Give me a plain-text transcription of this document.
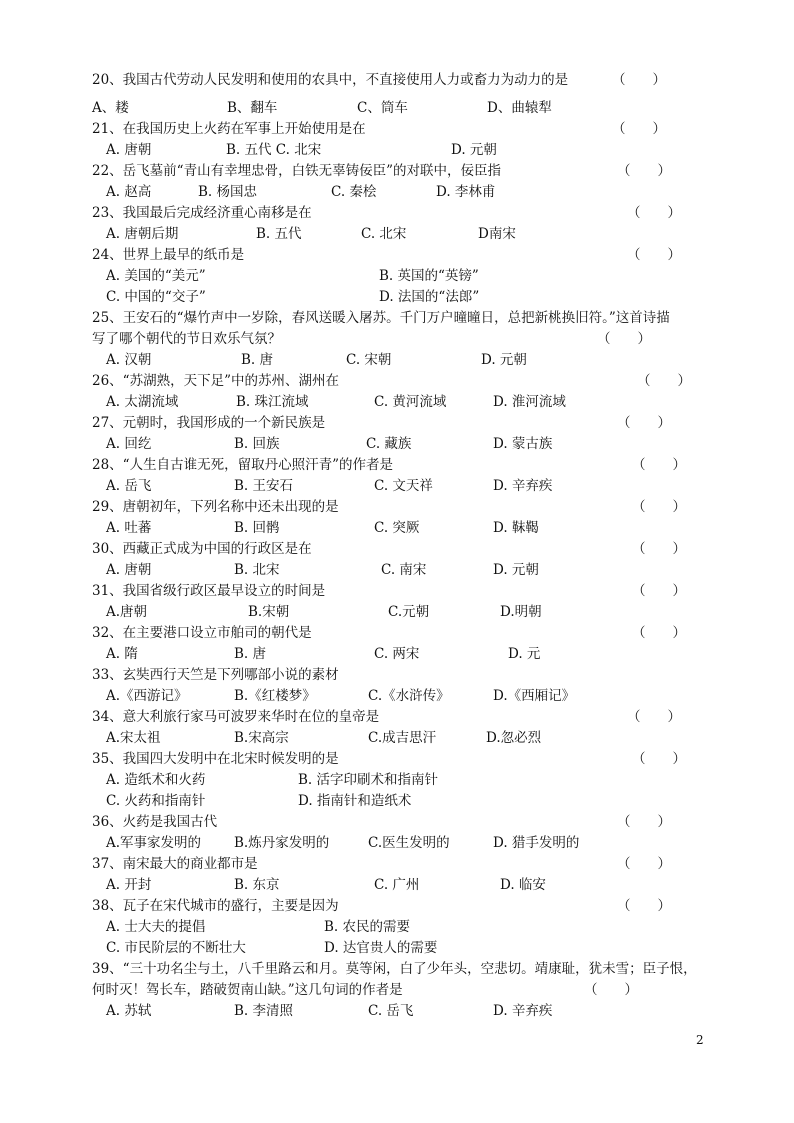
20、我国古代劳动人民发明和使用的农具中，不直接使用人力或畜力为动力的是	（　　）
A、耧	B、翻车	C、筒车	D、曲辕犁
21、在我国历史上火药在军事上开始使用是在	（　　）
A. 唐朝	B. 五代 C. 北宋	D. 元朝
22、岳飞墓前“青山有幸埋忠骨，白铁无辜铸佞臣”的对联中，佞臣指	（　　）
A. 赵高	B. 杨国忠	C. 秦桧	D. 李林甫
23、我国最后完成经济重心南移是在	（　　）
A. 唐朝后期	B. 五代	C. 北宋	D南宋
24、世界上最早的纸币是	（　　）
A. 美国的“美元”	B. 英国的“英镑”
C. 中国的“交子”	D. 法国的“法郎”
25、王安石的“爆竹声中一岁除，春风送暖入屠苏。千门万户曈曈日，总把新桃换旧符。”这首诗描
写了哪个朝代的节日欢乐气氛？	（　　）
A. 汉朝	B. 唐	C. 宋朝	D. 元朝
26、“苏湖熟，天下足”中的苏州、湖州在	（　　）
A. 太湖流域	B. 珠江流域	C. 黄河流域	D. 淮河流域
27、元朝时，我国形成的一个新民族是	（　　）
A. 回纥	B. 回族	C. 藏族	D. 蒙古族
28、“人生自古谁无死，留取丹心照汗青”的作者是	（　　）
A. 岳飞	B. 王安石	C. 文天祥	D. 辛弃疾
29、唐朝初年，下列名称中还未出现的是	（　　）
A. 吐蕃	B. 回鹘	C. 突厥	D. 靺鞨
30、西藏正式成为中国的行政区是在	（　　）
A. 唐朝	B. 北宋	C. 南宋	D. 元朝
31、我国省级行政区最早设立的时间是	（　　）
A.唐朝	B.宋朝	C.元朝	D.明朝
32、在主要港口设立市舶司的朝代是	（　　）
A. 隋	B. 唐	C. 两宋	D. 元
33、玄奘西行天竺是下列哪部小说的素材
A.《西游记》	B.《红楼梦》	C.《水浒传》	D.《西厢记》
34、意大利旅行家马可波罗来华时在位的皇帝是	（　　）
A.宋太祖	B.宋高宗	C.成吉思汗	D.忽必烈
35、我国四大发明中在北宋时候发明的是	（　　）
A. 造纸术和火药	B. 活字印刷术和指南针
C. 火药和指南针	D. 指南针和造纸术
36、火药是我国古代	（　　）
A.军事家发明的 B.炼丹家发明的	C.医生发明的	D. 猎手发明的
37、南宋最大的商业都市是	（　　）
A. 开封	B. 东京	C. 广州	D. 临安
38、瓦子在宋代城市的盛行，主要是因为	（　　）
A. 士大夫的提倡	B. 农民的需要
C. 市民阶层的不断壮大	D. 达官贵人的需要
39、“三十功名尘与土，八千里路云和月。莫等闲，白了少年头，空悲切。靖康耻，犹未雪；臣子恨，
何时灭！驾长车，踏破贺南山缺。”这几句词的作者是	（　　）
A. 苏轼	B. 李清照	C. 岳飞	D. 辛弃疾
2
